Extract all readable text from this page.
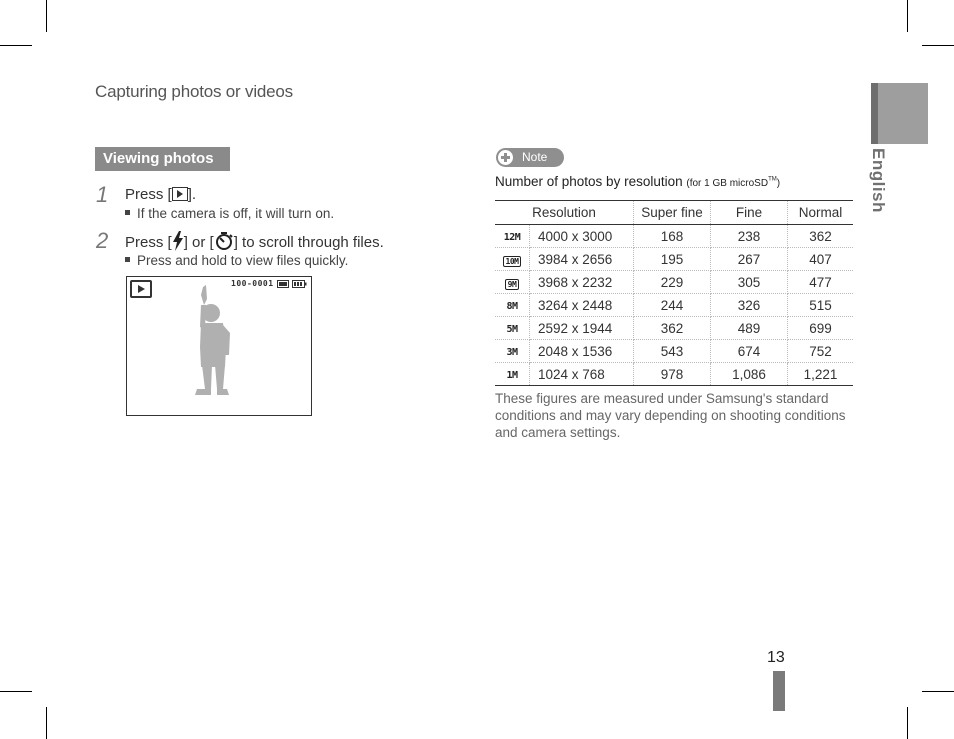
Capturing photos or videos
English
Viewing photos
1 Press [ ].
If the camera is off, it will turn on.
2 Press [ ] or [ ] to scroll through files.
Press and hold to view files quickly.
100-0001
Note
Number of photos by resolution (for 1 GB microSD™)
Resolution		Super fine	Fine	Normal
12M	4000 x 3000	168	238	362
10M	3984 x 2656	195	267	407
9M	3968 x 2232	229	305	477
8M	3264 x 2448	244	326	515
5M	2592 x 1944	362	489	699
3M	2048 x 1536	543	674	752
1M	1024 x 768	978	1,086	1,221
These figures are measured under Samsung's standard conditions and may vary depending on shooting conditions and camera settings.
13
